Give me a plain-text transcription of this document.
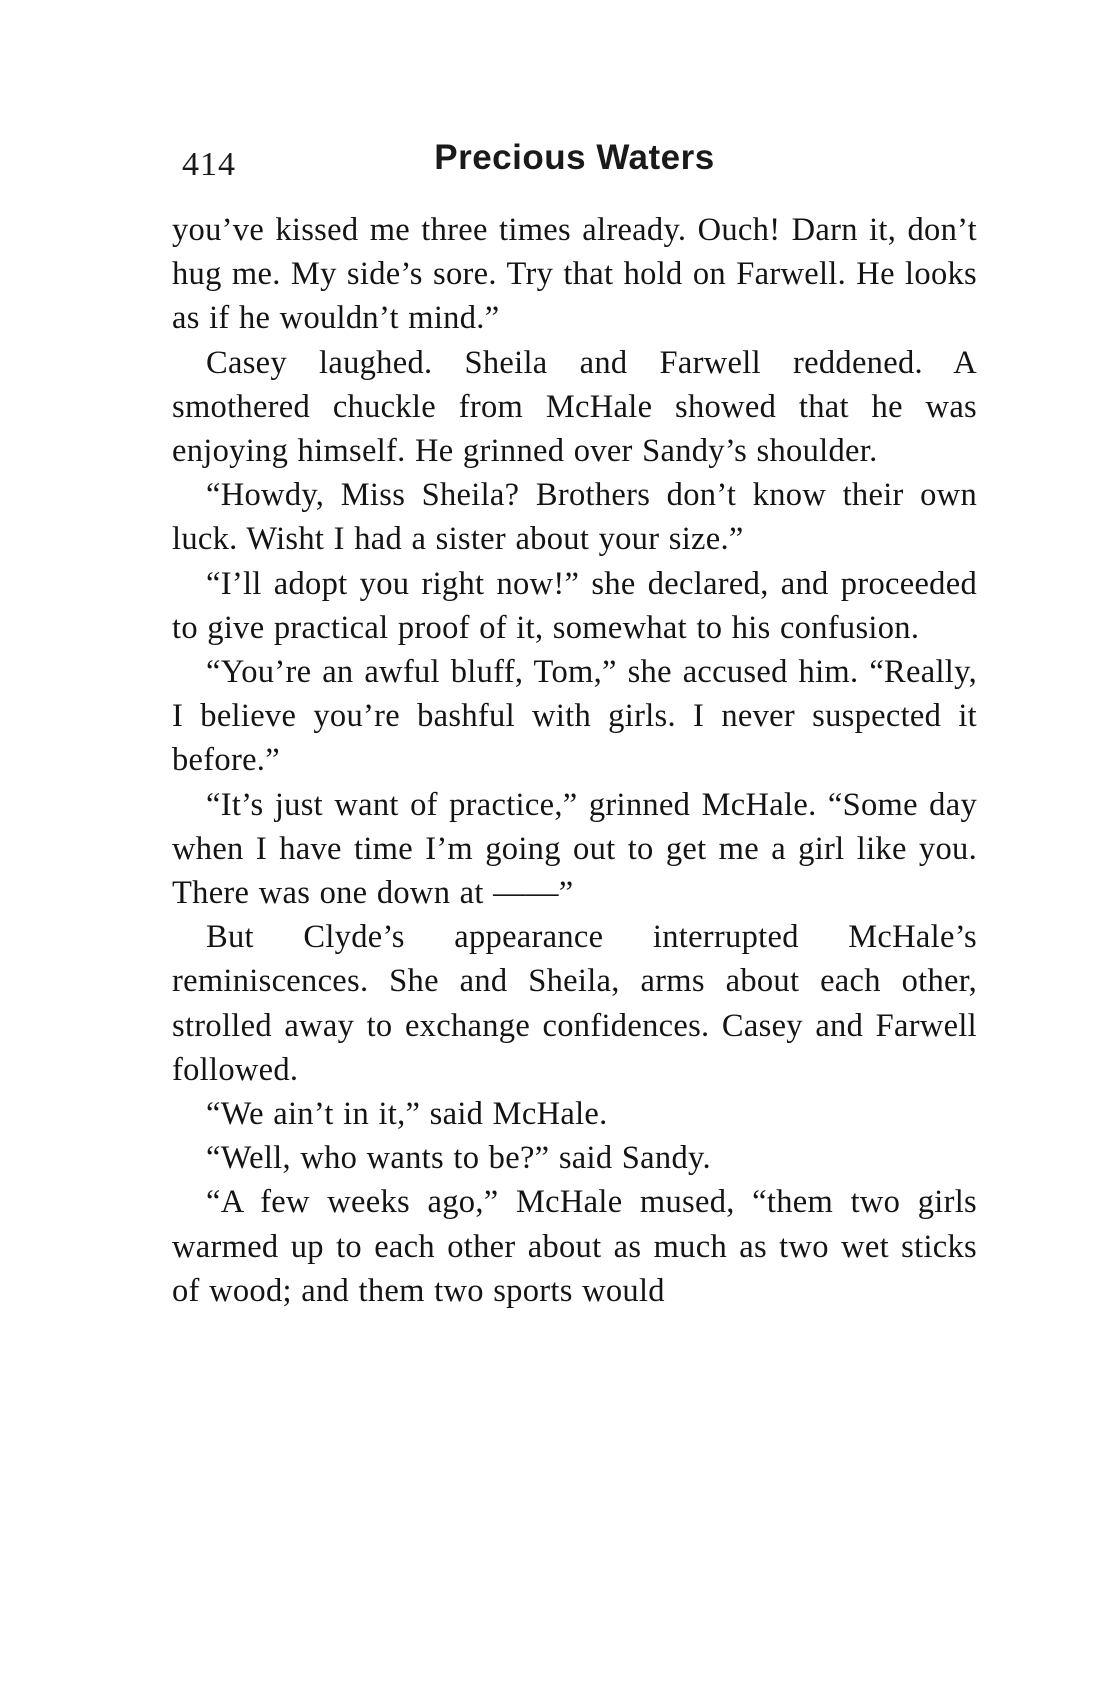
414	Precious Waters

you’ve kissed me three times already. Ouch! Darn it, don’t hug me. My side’s sore. Try that hold on Farwell. He looks as if he wouldn’t mind.”

Casey laughed. Sheila and Farwell reddened. A smothered chuckle from McHale showed that he was enjoying himself. He grinned over Sandy’s shoulder.

“Howdy, Miss Sheila? Brothers don’t know their own luck. Wisht I had a sister about your size.”

“I’ll adopt you right now!” she declared, and proceeded to give practical proof of it, somewhat to his confusion.

“You’re an awful bluff, Tom,” she accused him. “Really, I believe you’re bashful with girls. I never suspected it before.”

“It’s just want of practice,” grinned McHale. “Some day when I have time I’m going out to get me a girl like you. There was one down at ——”

But Clyde’s appearance interrupted McHale’s reminiscences. She and Sheila, arms about each other, strolled away to exchange confidences. Casey and Farwell followed.

“We ain’t in it,” said McHale.

“Well, who wants to be?” said Sandy.

“A few weeks ago,” McHale mused, “them two girls warmed up to each other about as much as two wet sticks of wood; and them two sports would
